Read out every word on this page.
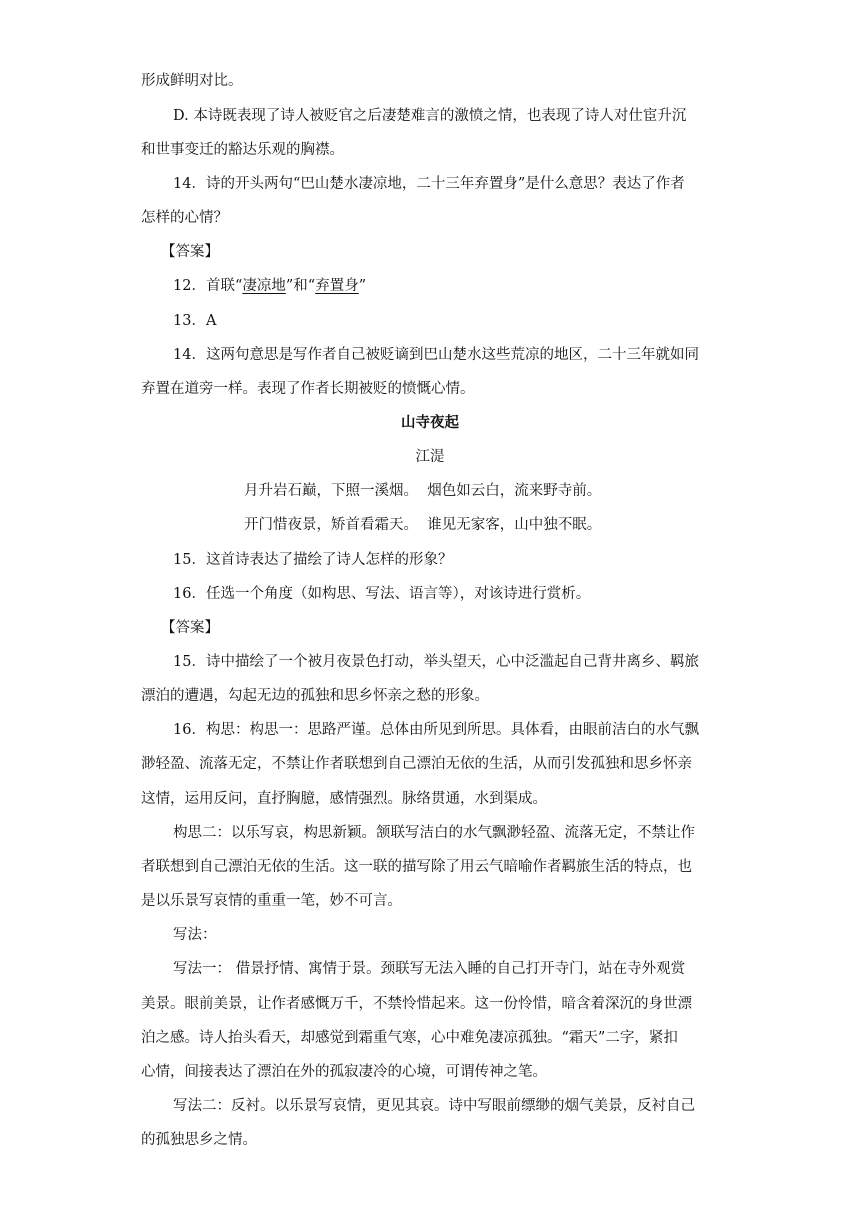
形成鲜明对比。
D. 本诗既表现了诗人被贬官之后凄楚难言的激愤之情，也表现了诗人对仕宦升沉
和世事变迁的豁达乐观的胸襟。
14．诗的开头两句“巴山楚水凄凉地，二十三年弃置身”是什么意思？表达了作者
怎样的心情？
【答案】
12．首联“凄凉地”和“弃置身”
13．A
14．这两句意思是写作者自己被贬谪到巴山楚水这些荒凉的地区，二十三年就如同
弃置在道旁一样。表现了作者长期被贬的愤慨心情。
山寺夜起
江湜
月升岩石巅，下照一溪烟。  烟色如云白，流来野寺前。
开门惜夜景，矫首看霜天。  谁见无家客，山中独不眠。
15．这首诗表达了描绘了诗人怎样的形象？
16．任选一个角度（如构思、写法、语言等），对该诗进行赏析。
【答案】
15．诗中描绘了一个被月夜景色打动，举头望天，心中泛滥起自己背井离乡、羁旅
漂泊的遭遇，勾起无边的孤独和思乡怀亲之愁的形象。
16．构思：构思一：思路严谨。总体由所见到所思。具体看，由眼前洁白的水气飘
渺轻盈、流落无定，不禁让作者联想到自己漂泊无依的生活，从而引发孤独和思乡怀亲
这情，运用反问，直抒胸臆，感情强烈。脉络贯通，水到渠成。
构思二：以乐写哀，构思新颖。颔联写洁白的水气飘渺轻盈、流落无定，不禁让作
者联想到自己漂泊无依的生活。这一联的描写除了用云气暗喻作者羁旅生活的特点，也
是以乐景写哀情的重重一笔，妙不可言。
写法：
写法一： 借景抒情、寓情于景。颈联写无法入睡的自己打开寺门，站在寺外观赏
美景。眼前美景，让作者感慨万千，不禁怜惜起来。这一份怜惜，暗含着深沉的身世漂
泊之感。诗人抬头看天，却感觉到霜重气寒，心中难免凄凉孤独。“霜天”二字，紧扣
心情，间接表达了漂泊在外的孤寂凄冷的心境，可谓传神之笔。
写法二：反衬。以乐景写哀情，更见其哀。诗中写眼前缥缈的烟气美景，反衬自己
的孤独思乡之情。
